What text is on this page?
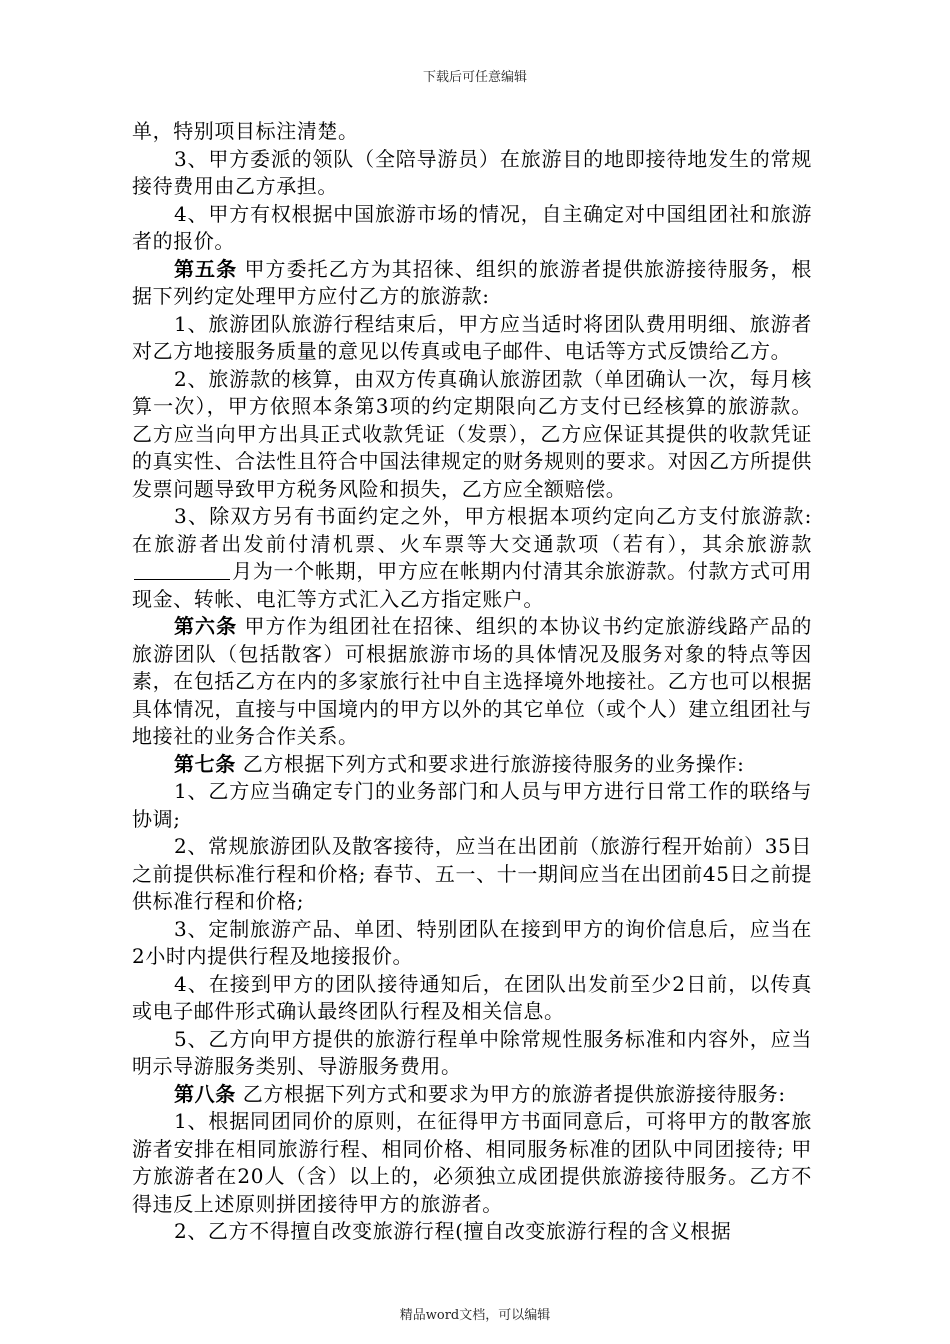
下载后可任意编辑

单，特别项目标注清楚。

3、甲方委派的领队（全陪导游员）在旅游目的地即接待地发生的常规接待费用由乙方承担。

4、甲方有权根据中国旅游市场的情况，自主确定对中国组团社和旅游者的报价。

第五条 甲方委托乙方为其招徕、组织的旅游者提供旅游接待服务，根据下列约定处理甲方应付乙方的旅游款:

1、旅游团队旅游行程结束后，甲方应当适时将团队费用明细、旅游者对乙方地接服务质量的意见以传真或电子邮件、电话等方式反馈给乙方。

2、旅游款的核算，由双方传真确认旅游团款（单团确认一次，每月核算一次），甲方依照本条第3项的约定期限向乙方支付已经核算的旅游款。乙方应当向甲方出具正式收款凭证（发票），乙方应保证其提供的收款凭证的真实性、合法性且符合中国法律规定的财务规则的要求。对因乙方所提供发票问题导致甲方税务风险和损失，乙方应全额赔偿。

3、除双方另有书面约定之外，甲方根据本项约定向乙方支付旅游款: 在旅游者出发前付清机票、火车票等大交通款项（若有），其余旅游款月为一个帐期，甲方应在帐期内付清其余旅游款。付款方式可用现金、转帐、电汇等方式汇入乙方指定账户。

第六条 甲方作为组团社在招徕、组织的本协议书约定旅游线路产品的旅游团队（包括散客）可根据旅游市场的具体情况及服务对象的特点等因素，在包括乙方在内的多家旅行社中自主选择境外地接社。乙方也可以根据具体情况，直接与中国境内的甲方以外的其它单位（或个人）建立组团社与地接社的业务合作关系。

第七条 乙方根据下列方式和要求进行旅游接待服务的业务操作:

1、乙方应当确定专门的业务部门和人员与甲方进行日常工作的联络与协调;

2、常规旅游团队及散客接待，应当在出团前（旅游行程开始前）35日之前提供标准行程和价格; 春节、五一、十一期间应当在出团前45日之前提供标准行程和价格;

3、定制旅游产品、单团、特别团队在接到甲方的询价信息后，应当在2小时内提供行程及地接报价。

4、在接到甲方的团队接待通知后，在团队出发前至少2日前，以传真或电子邮件形式确认最终团队行程及相关信息。

5、乙方向甲方提供的旅游行程单中除常规性服务标准和内容外，应当明示导游服务类别、导游服务费用。

第八条 乙方根据下列方式和要求为甲方的旅游者提供旅游接待服务:

1、根据同团同价的原则，在征得甲方书面同意后，可将甲方的散客旅游者安排在相同旅游行程、相同价格、相同服务标准的团队中同团接待; 甲方旅游者在20人（含）以上的，必须独立成团提供旅游接待服务。乙方不得违反上述原则拼团接待甲方的旅游者。

2、乙方不得擅自改变旅游行程(擅自改变旅游行程的含义根据

精品word文档，可以编辑
